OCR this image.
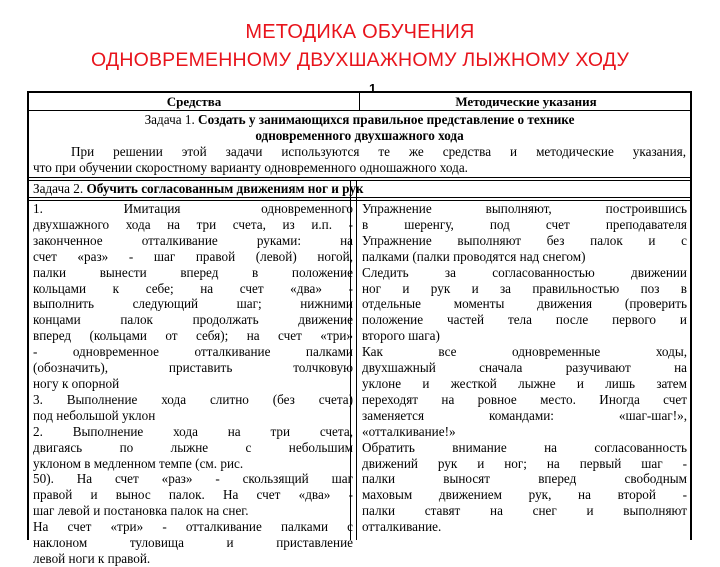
МЕТОДИКА ОБУЧЕНИЯ
ОДНОВРЕМЕННОМУ ДВУХШАЖНОМУ ЛЫЖНОМУ ХОДУ
1
Средства	Методические указания
Задача 1. Создать у занимающихся правильное представление о технике
одновременного двухшажного хода
При решении этой задачи используются те же средства и методические указания,
что при обучении скоростному варианту одновременного одношажного хода.
Задача 2. Обучить согласованным движениям ног и рук
1. Имитация одновременного
двухшажного хода на три счета, из и.п. -
законченное отталкивание руками: на
счет «раз» - шаг правой (левой) ногой,
палки вынести вперед в положение
кольцами к себе; на счет «два» -
выполнить следующий шаг; нижними
концами палок продолжать движение
вперед (кольцами от себя); на счет «три»
- одновременное отталкивание палками
(обозначить), приставить толчковую
ногу к опорной
3. Выполнение хода слитно (без счета)
под небольшой уклон
2. Выполнение хода на три счета,
двигаясь по лыжне с небольшим
уклоном в медленном темпе (см. рис.
50). На счет «раз» - скользящий шаг
правой и вынос палок. На счет «два» -
шаг левой и постановка палок на снег.
На счет «три» - отталкивание палками с
наклоном туловища и приставление
левой ноги к правой.
Упражнение выполняют, построившись
в шеренгу, под счет преподавателя
Упражнение выполняют без палок и с
палками (палки проводятся над снегом)
Следить за согласованностью движении
ног и рук и за правильностью поз в
отдельные моменты движения (проверить
положение частей тела после первого и
второго шага)
Как все одновременные ходы,
двухшажный сначала разучивают на
уклоне и жесткой лыжне и лишь затем
переходят на ровное место. Иногда счет
заменяется командами: «шаг-шаг!»,
«отталкивание!»
Обратить внимание на согласованность
движений рук и ног; на первый шаг -
палки выносят вперед свободным
маховым движением рук, на второй -
палки ставят на снег и выполняют
отталкивание.
